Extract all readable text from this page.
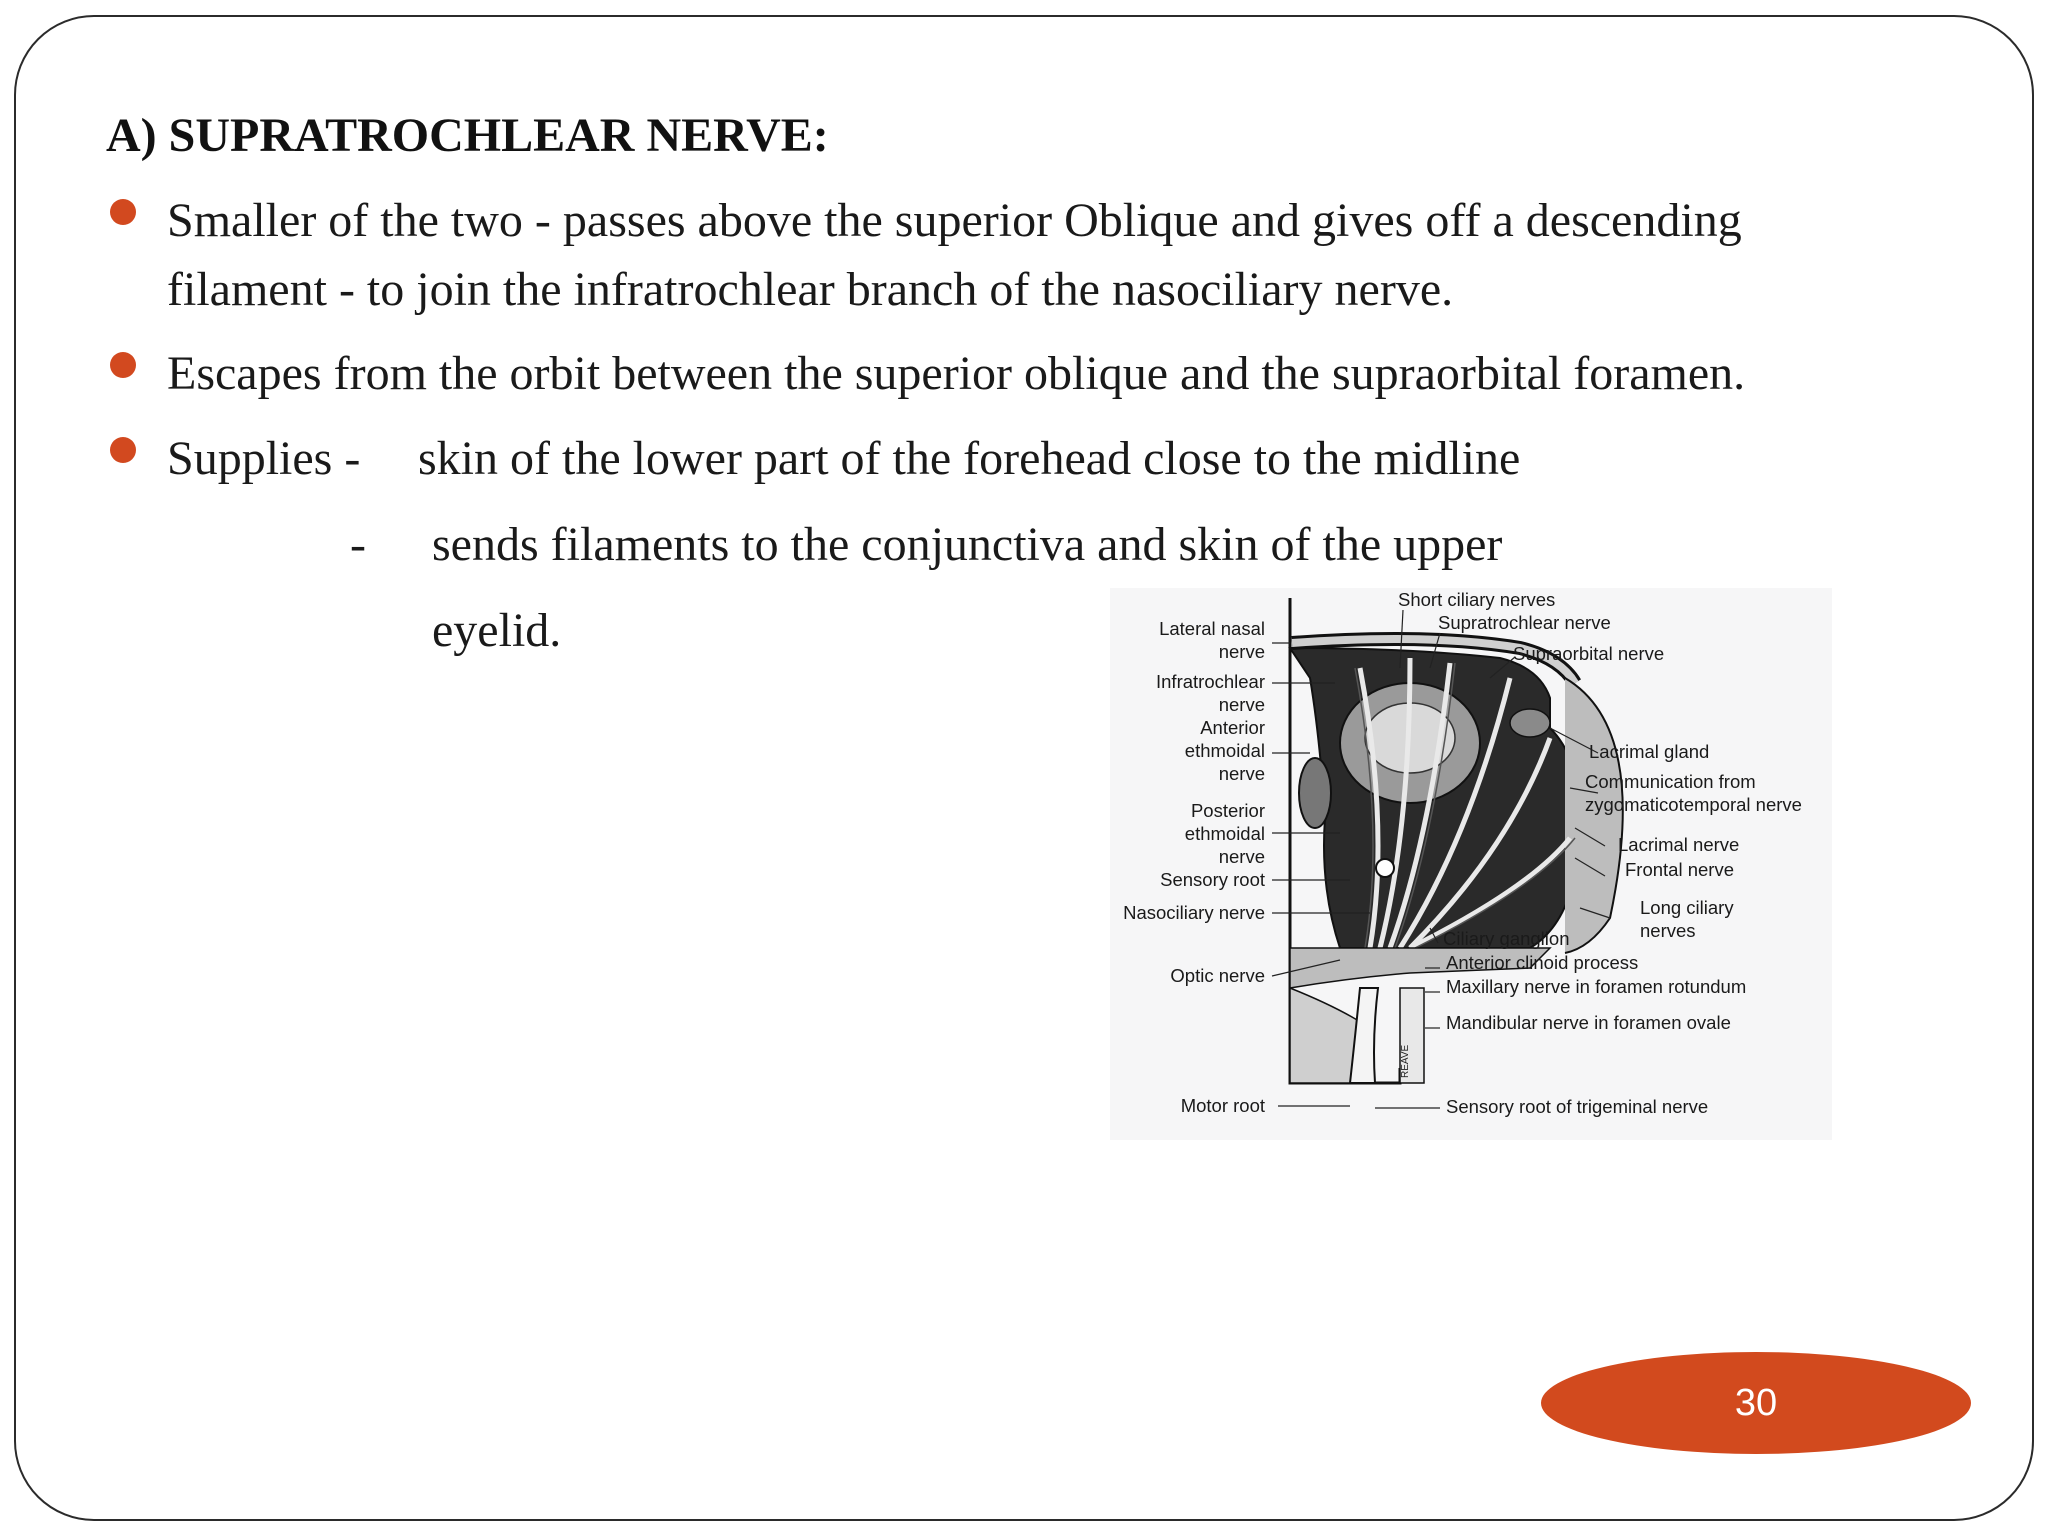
A) SUPRATROCHLEAR NERVE:
Smaller of the two - passes above the superior Oblique and gives off a descending
filament - to join the infratrochlear branch of the nasociliary nerve.
Escapes from the orbit between the superior oblique and the supraorbital foramen.
Supplies - skin of the lower part of the forehead close to the midline
- sends filaments to the conjunctiva and skin of the upper
eyelid.
REAVE
Lateral nasal
nerve
Infratrochlear
nerve
Anterior
ethmoidal
nerve
Posterior
ethmoidal
nerve
Sensory root
Nasociliary nerve
Optic nerve
Motor root
Short ciliary nerves
Supratrochlear nerve
Supraorbital nerve
Lacrimal gland
Communication from
zygomaticotemporal nerve
Lacrimal nerve
Frontal nerve
Long ciliary
nerves
Ciliary ganglion
Anterior clinoid process
Maxillary nerve in foramen rotundum
Mandibular nerve in foramen ovale
Sensory root of trigeminal nerve
30
